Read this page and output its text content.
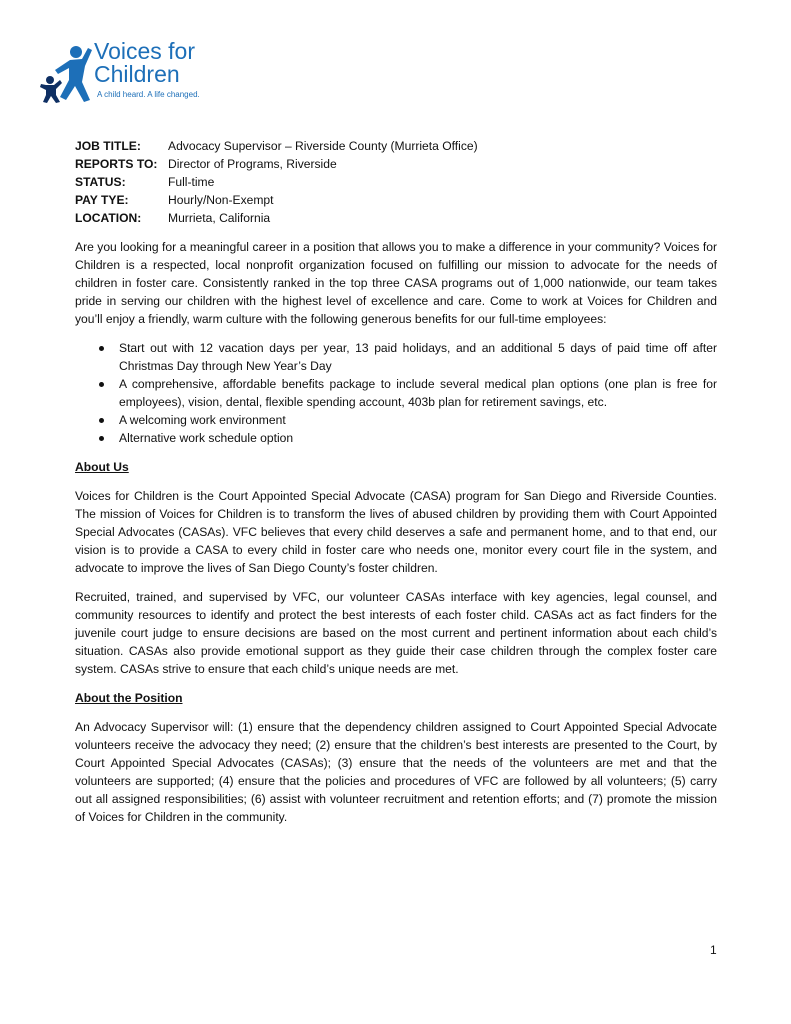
Voices for
Children
A child heard. A life changed.
JOB TITLE:	Advocacy Supervisor – Riverside County (Murrieta Office)
REPORTS TO: Director of Programs, Riverside
STATUS:	Full-time
PAY TYE:	Hourly/Non-Exempt
LOCATION:	Murrieta, California

Are you looking for a meaningful career in a position that allows you to make a difference in your community? Voices for Children is a respected, local nonprofit organization focused on fulfilling our mission to advocate for the needs of children in foster care. Consistently ranked in the top three CASA programs out of 1,000 nationwide, our team takes pride in serving our children with the highest level of excellence and care. Come to work at Voices for Children and you’ll enjoy a friendly, warm culture with the following generous benefits for our full-time employees:

Start out with 12 vacation days per year, 13 paid holidays, and an additional 5 days of paid time off after Christmas Day through New Year’s Day
A comprehensive, affordable benefits package to include several medical plan options (one plan is free for employees), vision, dental, flexible spending account, 403b plan for retirement savings, etc.
A welcoming work environment
Alternative work schedule option
About Us

Voices for Children is the Court Appointed Special Advocate (CASA) program for San Diego and Riverside Counties. The mission of Voices for Children is to transform the lives of abused children by providing them with Court Appointed Special Advocates (CASAs). VFC believes that every child deserves a safe and permanent home, and to that end, our vision is to provide a CASA to every child in foster care who needs one, monitor every court file in the system, and advocate to improve the lives of San Diego County’s foster children.

Recruited, trained, and supervised by VFC, our volunteer CASAs interface with key agencies, legal counsel, and community resources to identify and protect the best interests of each foster child. CASAs act as fact finders for the juvenile court judge to ensure decisions are based on the most current and pertinent information about each child’s situation. CASAs also provide emotional support as they guide their case children through the complex foster care system. CASAs strive to ensure that each child’s unique needs are met.

About the Position

An Advocacy Supervisor will: (1) ensure that the dependency children assigned to Court Appointed Special Advocate volunteers receive the advocacy they need; (2) ensure that the children’s best interests are presented to the Court, by Court Appointed Special Advocates (CASAs); (3) ensure that the needs of the volunteers are met and that the volunteers are supported; (4) ensure that the policies and procedures of VFC are followed by all volunteers; (5) carry out all assigned responsibilities; (6) assist with volunteer recruitment and retention efforts; and (7) promote the mission of Voices for Children in the community.

1
